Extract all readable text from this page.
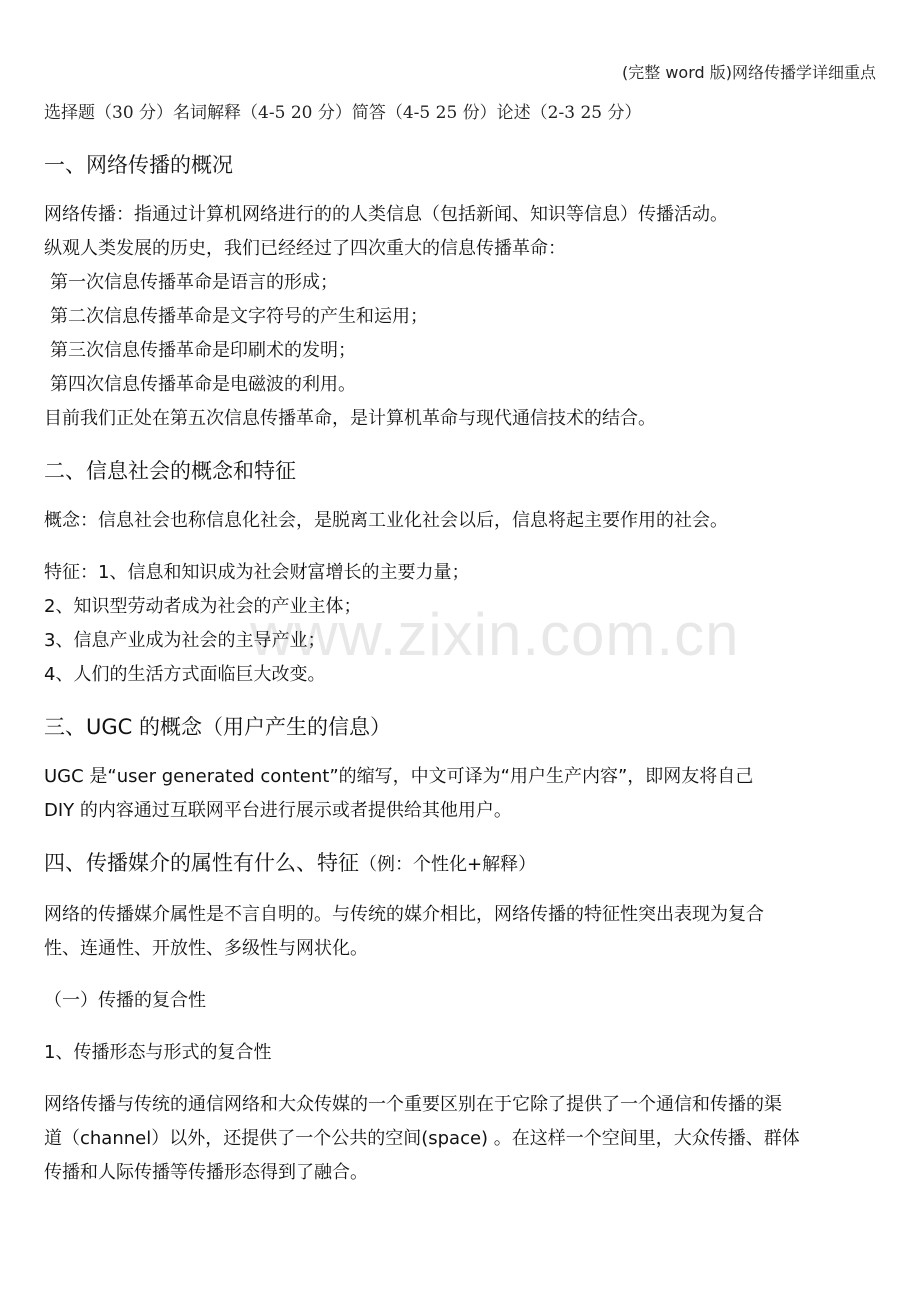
(完整 word 版)网络传播学详细重点
www.zixin.com.cn
选择题（30 分）名词解释（4-5 20 分）简答（4-5 25 份）论述（2-3 25 分）
一、网络传播的概况

网络传播：指通过计算机网络进行的的人类信息（包括新闻、知识等信息）传播活动。

纵观人类发展的历史，我们已经经过了四次重大的信息传播革命：

第一次信息传播革命是语言的形成；

第二次信息传播革命是文字符号的产生和运用；

第三次信息传播革命是印刷术的发明；

第四次信息传播革命是电磁波的利用。

目前我们正处在第五次信息传播革命，是计算机革命与现代通信技术的结合。

二、信息社会的概念和特征

概念：信息社会也称信息化社会，是脱离工业化社会以后，信息将起主要作用的社会。

特征：1、信息和知识成为社会财富增长的主要力量；

2、知识型劳动者成为社会的产业主体；

3、信息产业成为社会的主导产业；

4、人们的生活方式面临巨大改变。

三、UGC 的概念（用户产生的信息）

UGC 是“user generated content”的缩写，中文可译为“用户生产内容”，即网友将自己

DIY 的内容通过互联网平台进行展示或者提供给其他用户。

四、传播媒介的属性有什么、特征（例：个性化+解释）

网络的传播媒介属性是不言自明的。与传统的媒介相比，网络传播的特征性突出表现为复合

性、连通性、开放性、多级性与网状化。

（一）传播的复合性

1、传播形态与形式的复合性

网络传播与传统的通信网络和大众传媒的一个重要区别在于它除了提供了一个通信和传播的渠

道（channel）以外，还提供了一个公共的空间(space) 。在这样一个空间里，大众传播、群体

传播和人际传播等传播形态得到了融合。
